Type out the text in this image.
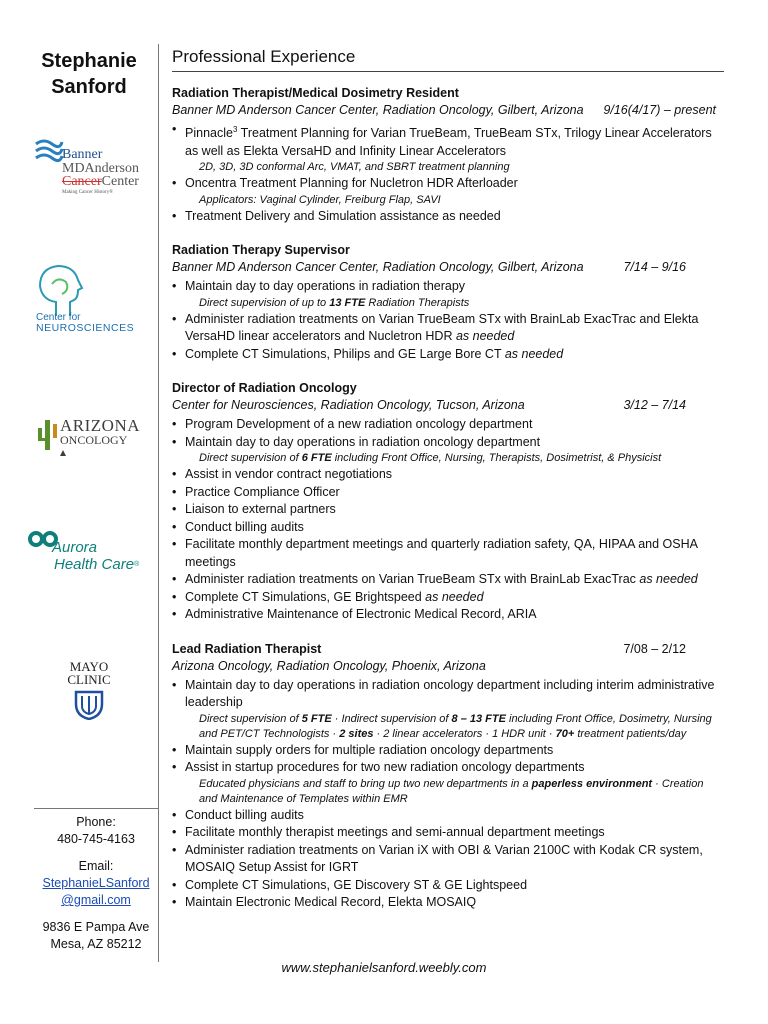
Stephanie
Sanford
Banner
MDAnderson
CancerCenter
Making Cancer History®
Center for
NEUROSCIENCES
ARIZONA
ONCOLOGY
Aurora
Health Care®
MAYO
CLINIC
Phone:
480-745-4163
Email:
StephanieLSanford
@gmail.com
9836 E Pampa Ave
Mesa, AZ 85212
Professional Experience
Radiation Therapist/Medical Dosimetry Resident
Banner MD Anderson Cancer Center, Radiation Oncology, Gilbert, Arizona 9/16(4/17) – present
• Pinnacle$^3$ Treatment Planning for Varian TrueBeam, TrueBeam STx, Trilogy Linear Accelerators as well as Elekta VersaHD and Infinity Linear Accelerators
2D, 3D, 3D conformal Arc, VMAT, and SBRT treatment planning
• Oncentra Treatment Planning for Nucletron HDR Afterloader
Applicators: Vaginal Cylinder, Freiburg Flap, SAVI
• Treatment Delivery and Simulation assistance as needed
Radiation Therapy Supervisor
Banner MD Anderson Cancer Center, Radiation Oncology, Gilbert, Arizona	7/14 – 9/16
• Maintain day to day operations in radiation therapy
Direct supervision of up to 13 FTE Radiation Therapists
• Administer radiation treatments on Varian TrueBeam STx with BrainLab ExacTrac and Elekta VersaHD linear accelerators and Nucletron HDR as needed
• Complete CT Simulations, Philips and GE Large Bore CT as needed
Director of Radiation Oncology
Center for Neurosciences, Radiation Oncology, Tucson, Arizona	3/12 – 7/14
• Program Development of a new radiation oncology department
• Maintain day to day operations in radiation oncology department
Direct supervision of 6 FTE including Front Office, Nursing, Therapists, Dosimetrist, & Physicist
• Assist in vendor contract negotiations
• Practice Compliance Officer
• Liaison to external partners
• Conduct billing audits
• Facilitate monthly department meetings and quarterly radiation safety, QA, HIPAA and OSHA meetings
• Administer radiation treatments on Varian TrueBeam STx with BrainLab ExacTrac as needed
• Complete CT Simulations, GE Brightspeed as needed
• Administrative Maintenance of Electronic Medical Record, ARIA
Lead Radiation Therapist	7/08 – 2/12
Arizona Oncology, Radiation Oncology, Phoenix, Arizona
• Maintain day to day operations in radiation oncology department including interim administrative leadership
Direct supervision of 5 FTE · Indirect supervision of 8 – 13 FTE including Front Office, Dosimetry, Nursing and PET/CT Technologists · 2 sites · 2 linear accelerators · 1 HDR unit · 70+ treatment patients/day
• Maintain supply orders for multiple radiation oncology departments
• Assist in startup procedures for two new radiation oncology departments
Educated physicians and staff to bring up two new departments in a paperless environment · Creation and Maintenance of Templates within EMR
• Conduct billing audits
• Facilitate monthly therapist meetings and semi-annual department meetings
• Administer radiation treatments on Varian iX with OBI & Varian 2100C with Kodak CR system, MOSAIQ Setup Assist for IGRT
• Complete CT Simulations, GE Discovery ST & GE Lightspeed
• Maintain Electronic Medical Record, Elekta MOSAIQ
www.stephanielsanford.weebly.com
